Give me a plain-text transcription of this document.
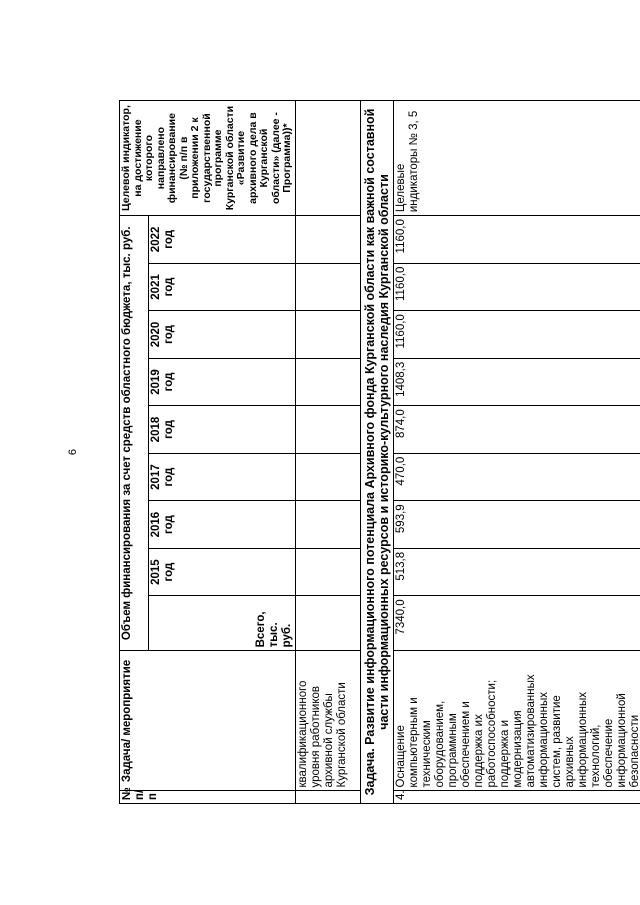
6
№ п/п	Задача/ мероприятие	Объем финансирования за счет средств областного бюджета, тыс. руб.									Целевой индикатор, на достижение которого направлено финансирование (№ п/п в приложении 2 к государственной программе Курганской области «Развитие архивного дела в Курганской области» (далее - Программа))*
		Всего, тыс. руб.	2015 год	2016 год	2017 год	2018 год	2019 год	2020 год	2021 год	2022 год	
	квалификационного уровня работников архивной службы Курганской области										
Задача. Развитие информационного потенциала Архивного фонда Курганской области как важной составной части информационных ресурсов и историко-культурного наследия Курганской области											
4.	Оснащение компьютерным и техническим оборудованием, программным обеспечением и поддержка их работоспособности; поддержка и модернизация автоматизированных информационных систем, развитие архивных информационных технологий, обеспечение информационной безопасности	7340,0	513,8	593,9	470,0	874,0	1408,3	1160,0	1160,0	1160,0	Целевые индикаторы № 3, 5
